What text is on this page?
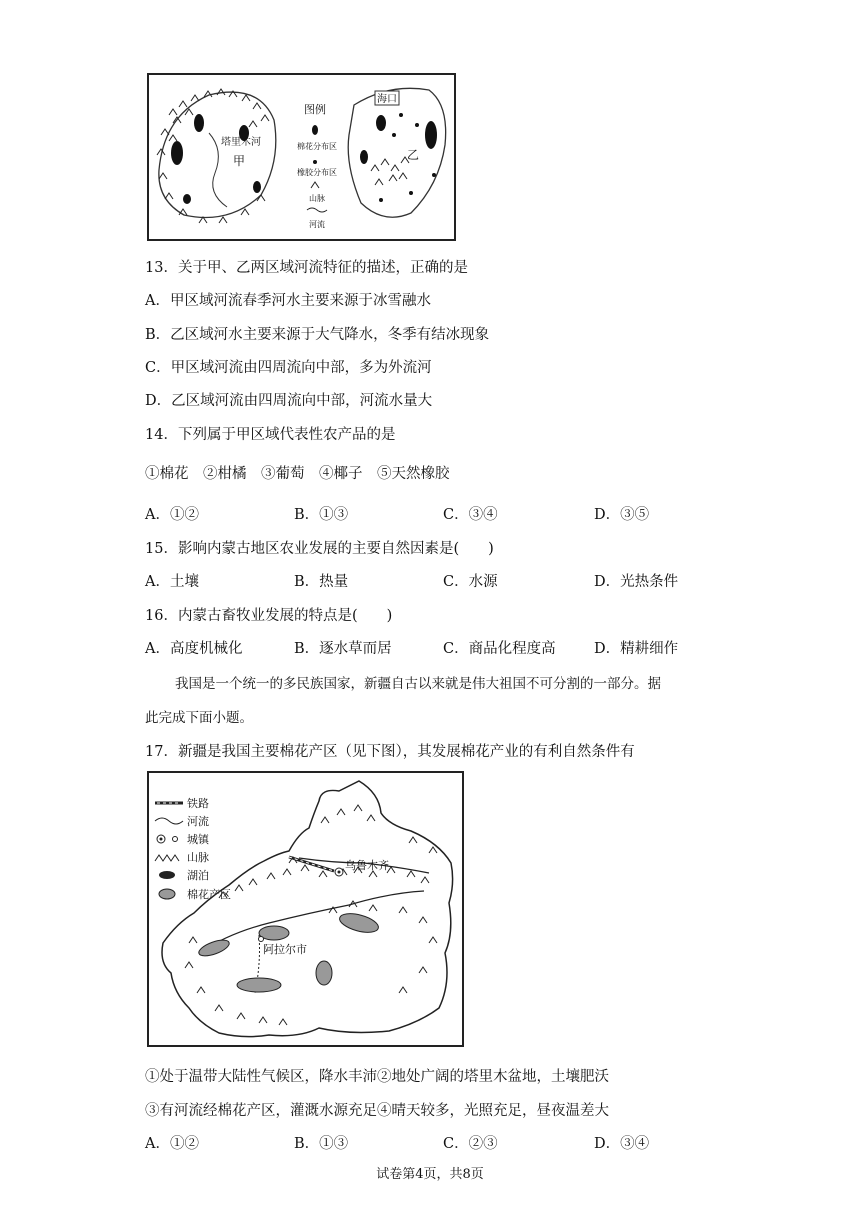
塔里木河
甲
图例
棉花分布区
橡胶分布区
山脉
河流
海口
乙
13．关于甲、乙两区域河流特征的描述，正确的是
A．甲区域河流春季河水主要来源于冰雪融水
B．乙区域河水主要来源于大气降水，冬季有结冰现象
C．甲区域河流由四周流向中部，多为外流河
D．乙区域河流由四周流向中部，河流水量大
14．下列属于甲区域代表性农产品的是
①棉花　②柑橘　③葡萄　④椰子　⑤天然橡胶
A．①②	B．①③	C．③④	D．③⑤
15．影响内蒙古地区农业发展的主要自然因素是(　　)
A．土壤	B．热量	C．水源	D．光热条件
16．内蒙古畜牧业发展的特点是(　　)
A．高度机械化	B．逐水草而居	C．商品化程度高	D．精耕细作
我国是一个统一的多民族国家，新疆自古以来就是伟大祖国不可分割的一部分。据
此完成下面小题。
17．新疆是我国主要棉花产区（见下图），其发展棉花产业的有利自然条件有
铁路
河流
城镇
山脉
湖泊
棉花产区
乌鲁木齐
阿拉尔市
①处于温带大陆性气候区，降水丰沛②地处广阔的塔里木盆地，土壤肥沃
③有河流经棉花产区，灌溉水源充足④晴天较多，光照充足，昼夜温差大
A．①②	B．①③	C．②③	D．③④
试卷第4页，共8页
